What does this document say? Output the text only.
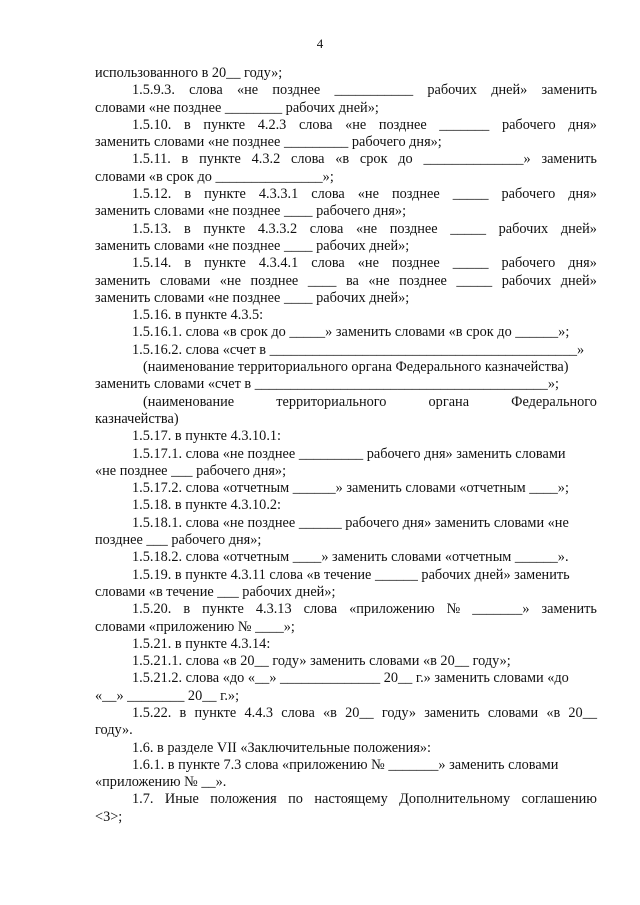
4
использованного в 20__ году»;
1.5.9.3. слова «не позднее ___________ рабочих дней» заменить
словами «не позднее ________ рабочих дней»;
1.5.10. в пункте 4.2.3 слова «не позднее _______ рабочего дня»
заменить словами «не позднее _________ рабочего дня»;
1.5.11. в пункте 4.3.2 слова «в срок до ______________» заменить
словами «в срок до _______________»;
1.5.12. в пункте 4.3.3.1 слова «не позднее _____ рабочего дня»
заменить словами «не позднее ____ рабочего дня»;
1.5.13. в пункте 4.3.3.2 слова «не позднее _____ рабочих дней»
заменить словами «не позднее ____ рабочих дней»;
1.5.14. в пункте 4.3.4.1 слова «не позднее _____ рабочего дня»
заменить словами «не позднее ____ ва «не позднее _____ рабочих дней»
заменить словами «не позднее ____ рабочих дней»;
1.5.16. в пункте 4.3.5:
1.5.16.1. слова «в срок до _____» заменить словами «в срок до ______»;
1.5.16.2. слова «счет в ___________________________________________»
(наименование территориального органа Федерального казначейства)
заменить словами «счет в _________________________________________»;
(наименование	территориального	органа	Федерального
казначейства)
1.5.17. в пункте 4.3.10.1:
1.5.17.1. слова «не позднее _________ рабочего дня» заменить словами
«не позднее ___ рабочего дня»;
1.5.17.2. слова «отчетным ______» заменить словами «отчетным ____»;
1.5.18. в пункте 4.3.10.2:
1.5.18.1. слова «не позднее ______ рабочего дня» заменить словами «не
позднее ___ рабочего дня»;
1.5.18.2. слова «отчетным ____» заменить словами «отчетным ______».
1.5.19. в пункте 4.3.11 слова «в течение ______ рабочих дней» заменить
словами «в течение ___ рабочих дней»;
1.5.20. в пункте 4.3.13 слова «приложению № _______» заменить
словами «приложению № ____»;
1.5.21. в пункте 4.3.14:
1.5.21.1. слова «в 20__ году» заменить словами «в 20__ году»;
1.5.21.2. слова «до «__» ______________ 20__ г.» заменить словами «до
«__» ________ 20__ г.»;
1.5.22. в пункте 4.4.3 слова «в 20__ году» заменить словами «в 20__
году».
1.6. в разделе VII «Заключительные положения»:
1.6.1. в пункте 7.3 слова «приложению № _______» заменить словами
«приложению № __».
1.7. Иные положения по настоящему Дополнительному соглашению
<3>;
